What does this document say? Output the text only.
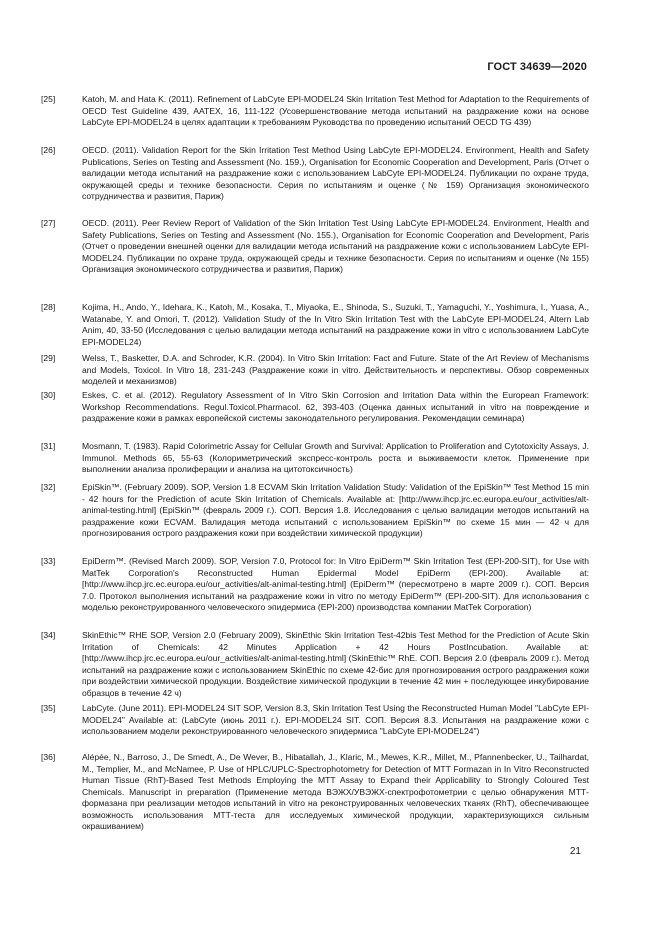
ГОСТ 34639—2020
[25]	Katoh, M. and Hata K. (2011). Refinement of LabCyte EPI-MODEL24 Skin Irritation Test Method for Adaptation to the Requirements of OECD Test Guideline 439, AATEX, 16, 111-122 (Усовершенствование метода испытаний на раздражение кожи на основе LabCyte EPI-MODEL24 в целях адаптации к требованиям Руководства по проведению испытаний OECD TG 439)
[26]	OECD. (2011). Validation Report for the Skin Irritation Test Method Using LabCyte EPI-MODEL24. Environment, Health and Safety Publications, Series on Testing and Assessment (No. 159.), Organisation for Economic Cooperation and Development, Paris (Отчет о валидации метода испытаний на раздражение кожи с использованием LabCyte EPI-MODEL24. Публикации по охране труда, окружающей среды и технике безопасности. Серия по испытаниям и оценке (№ 159) Организация экономического сотрудничества и развития, Париж)
[27]	OECD. (2011). Peer Review Report of Validation of the Skin Irritation Test Using LabCyte EPI-MODEL24. Environment, Health and Safety Publications, Series on Testing and Assessment (No. 155.), Organisation for Economic Cooperation and Development, Paris (Отчет о проведении внешней оценки для валидации метода испытаний на раздражение кожи с использованием LabCyte EPI-MODEL24. Публикации по охране труда, окружающей среды и технике безопасности. Серия по испытаниям и оценке (№ 155) Организация экономического сотрудничества и развития, Париж)
[28]	Kojima, H., Ando, Y., Idehara, K., Katoh, M., Kosaka, T., Miyaoka, E., Shinoda, S., Suzuki, T., Yamaguchi, Y., Yoshimura, I., Yuasa, A., Watanabe, Y. and Omori, T. (2012). Validation Study of the In Vitro Skin Irritation Test with the LabCyte EPI-MODEL24, Altern Lab Anim, 40, 33-50 (Исследования с целью валидации метода испытаний на раздражение кожи in vitro с использованием LabCyte EPI-MODEL24)
[29]	Welss, T., Basketter, D.A. and Schroder, K.R. (2004). In Vitro Skin Irritation: Fact and Future. State of the Art Review of Mechanisms and Models, Toxicol. In Vitro 18, 231-243 (Раздражение кожи in vitro. Действительность и перспективы. Обзор современных моделей и механизмов)
[30]	Eskes, C. et al. (2012). Regulatory Assessment of In Vitro Skin Corrosion and Irritation Data within the European Framework: Workshop Recommendations. Regul.Toxicol.Pharmacol. 62, 393-403 (Оценка данных испытаний in vitro на повреждение и раздражение кожи в рамках европейской системы законодательного регулирования. Рекомендации семинара)
[31]	Mosmann, T. (1983). Rapid Colorimetric Assay for Cellular Growth and Survival: Application to Proliferation and Cytotoxicity Assays, J. Immunol. Methods 65, 55-63 (Колориметрический экспресс-контроль роста и выживаемости клеток. Применение при выполнении анализа пролиферации и анализа на цитотоксичность)
[32]	EpiSkin™. (February 2009). SOP, Version 1.8 ECVAM Skin Irritation Validation Study: Validation of the EpiSkin™ Test Method 15 min - 42 hours for the Prediction of acute Skin Irritation of Chemicals. Available at: [http://www.ihcp.jrc.ec.europa.eu/our_activities/alt-animal-testing.html] (EpiSkin™ (февраль 2009 г.). СОП. Версия 1.8. Исследования с целью валидации методов испытаний на раздражение кожи ECVAM. Валидация метода испытаний с использованием EpiSkin™ по схеме 15 мин — 42 ч для прогнозирования острого раздражения кожи при воздействии химической продукции)
[33]	EpiDerm™. (Revised March 2009). SOP, Version 7.0, Protocol for: In Vitro EpiDerm™ Skin Irritation Test (EPI-200-SIT), for Use with MatTek Corporation's Reconstructed Human Epidermal Model EpiDerm (EPI-200). Available at: [http://www.ihcp.jrc.ec.europa.eu/our_activities/alt-animal-testing.html] (EpiDerm™ (пересмотрено в марте 2009 г.). СОП. Версия 7.0. Протокол выполнения испытаний на раздражение кожи in vitro по методу EpiDerm™ (EPI-200-SIT). Для использования с моделью реконструированного человеческого эпидермиса (EPI-200) производства компании MatTek Corporation)
[34]	SkinEthic™ RHE SOP, Version 2.0 (February 2009), SkinEthic Skin Irritation Test-42bis Test Method for the Prediction of Acute Skin Irritation of Chemicals: 42 Minutes Application + 42 Hours PostIncubation. Available at: [http://www.ihcp.jrc.ec.europa.eu/our_activities/alt-animal-testing.html] (SkinEthic™ RhE. СОП. Версия 2.0 (февраль 2009 г.). Метод испытаний на раздражение кожи с использованием SkinEthic по схеме 42-бис для прогнозирования острого раздражения кожи при воздействии химической продукции. Воздействие химической продукции в течение 42 мин + последующее инкубирование образцов в течение 42 ч)
[35]	LabCyte. (June 2011). EPI-MODEL24 SIT SOP, Version 8.3, Skin Irritation Test Using the Reconstructed Human Model "LabCyte EPI-MODEL24" Available at: (LabCyte (июнь 2011 г.). EPI-MODEL24 SIT. СОП. Версия 8.3. Испытания на раздражение кожи с использованием модели реконструированного человеческого эпидермиса "LabCyte EPI-MODEL24")
[36]	Alépée, N., Barroso, J., De Smedt, A., De Wever, B., Hibatallah, J., Klaric, M., Mewes, K.R., Millet, M., Pfannenbecker, U., Tailhardat, M., Templier, M., and McNamee, P. Use of HPLC/UPLC-Spectrophotometry for Detection of MTT Formazan in In Vitro Reconstructed Human Tissue (RhT)-Based Test Methods Employing the MTT Assay to Expand their Applicability to Strongly Coloured Test Chemicals. Manuscript in preparation (Применение метода ВЭЖХ/УВЭЖХ-спектрофотометрии с целью обнаружения МТТ-формазана при реализации методов испытаний in vitro на реконструированных человеческих тканях (RhT), обеспечивающее возможность использования МТТ-теста для исследуемых химической продукции, характеризующихся сильным окрашиванием)
21
